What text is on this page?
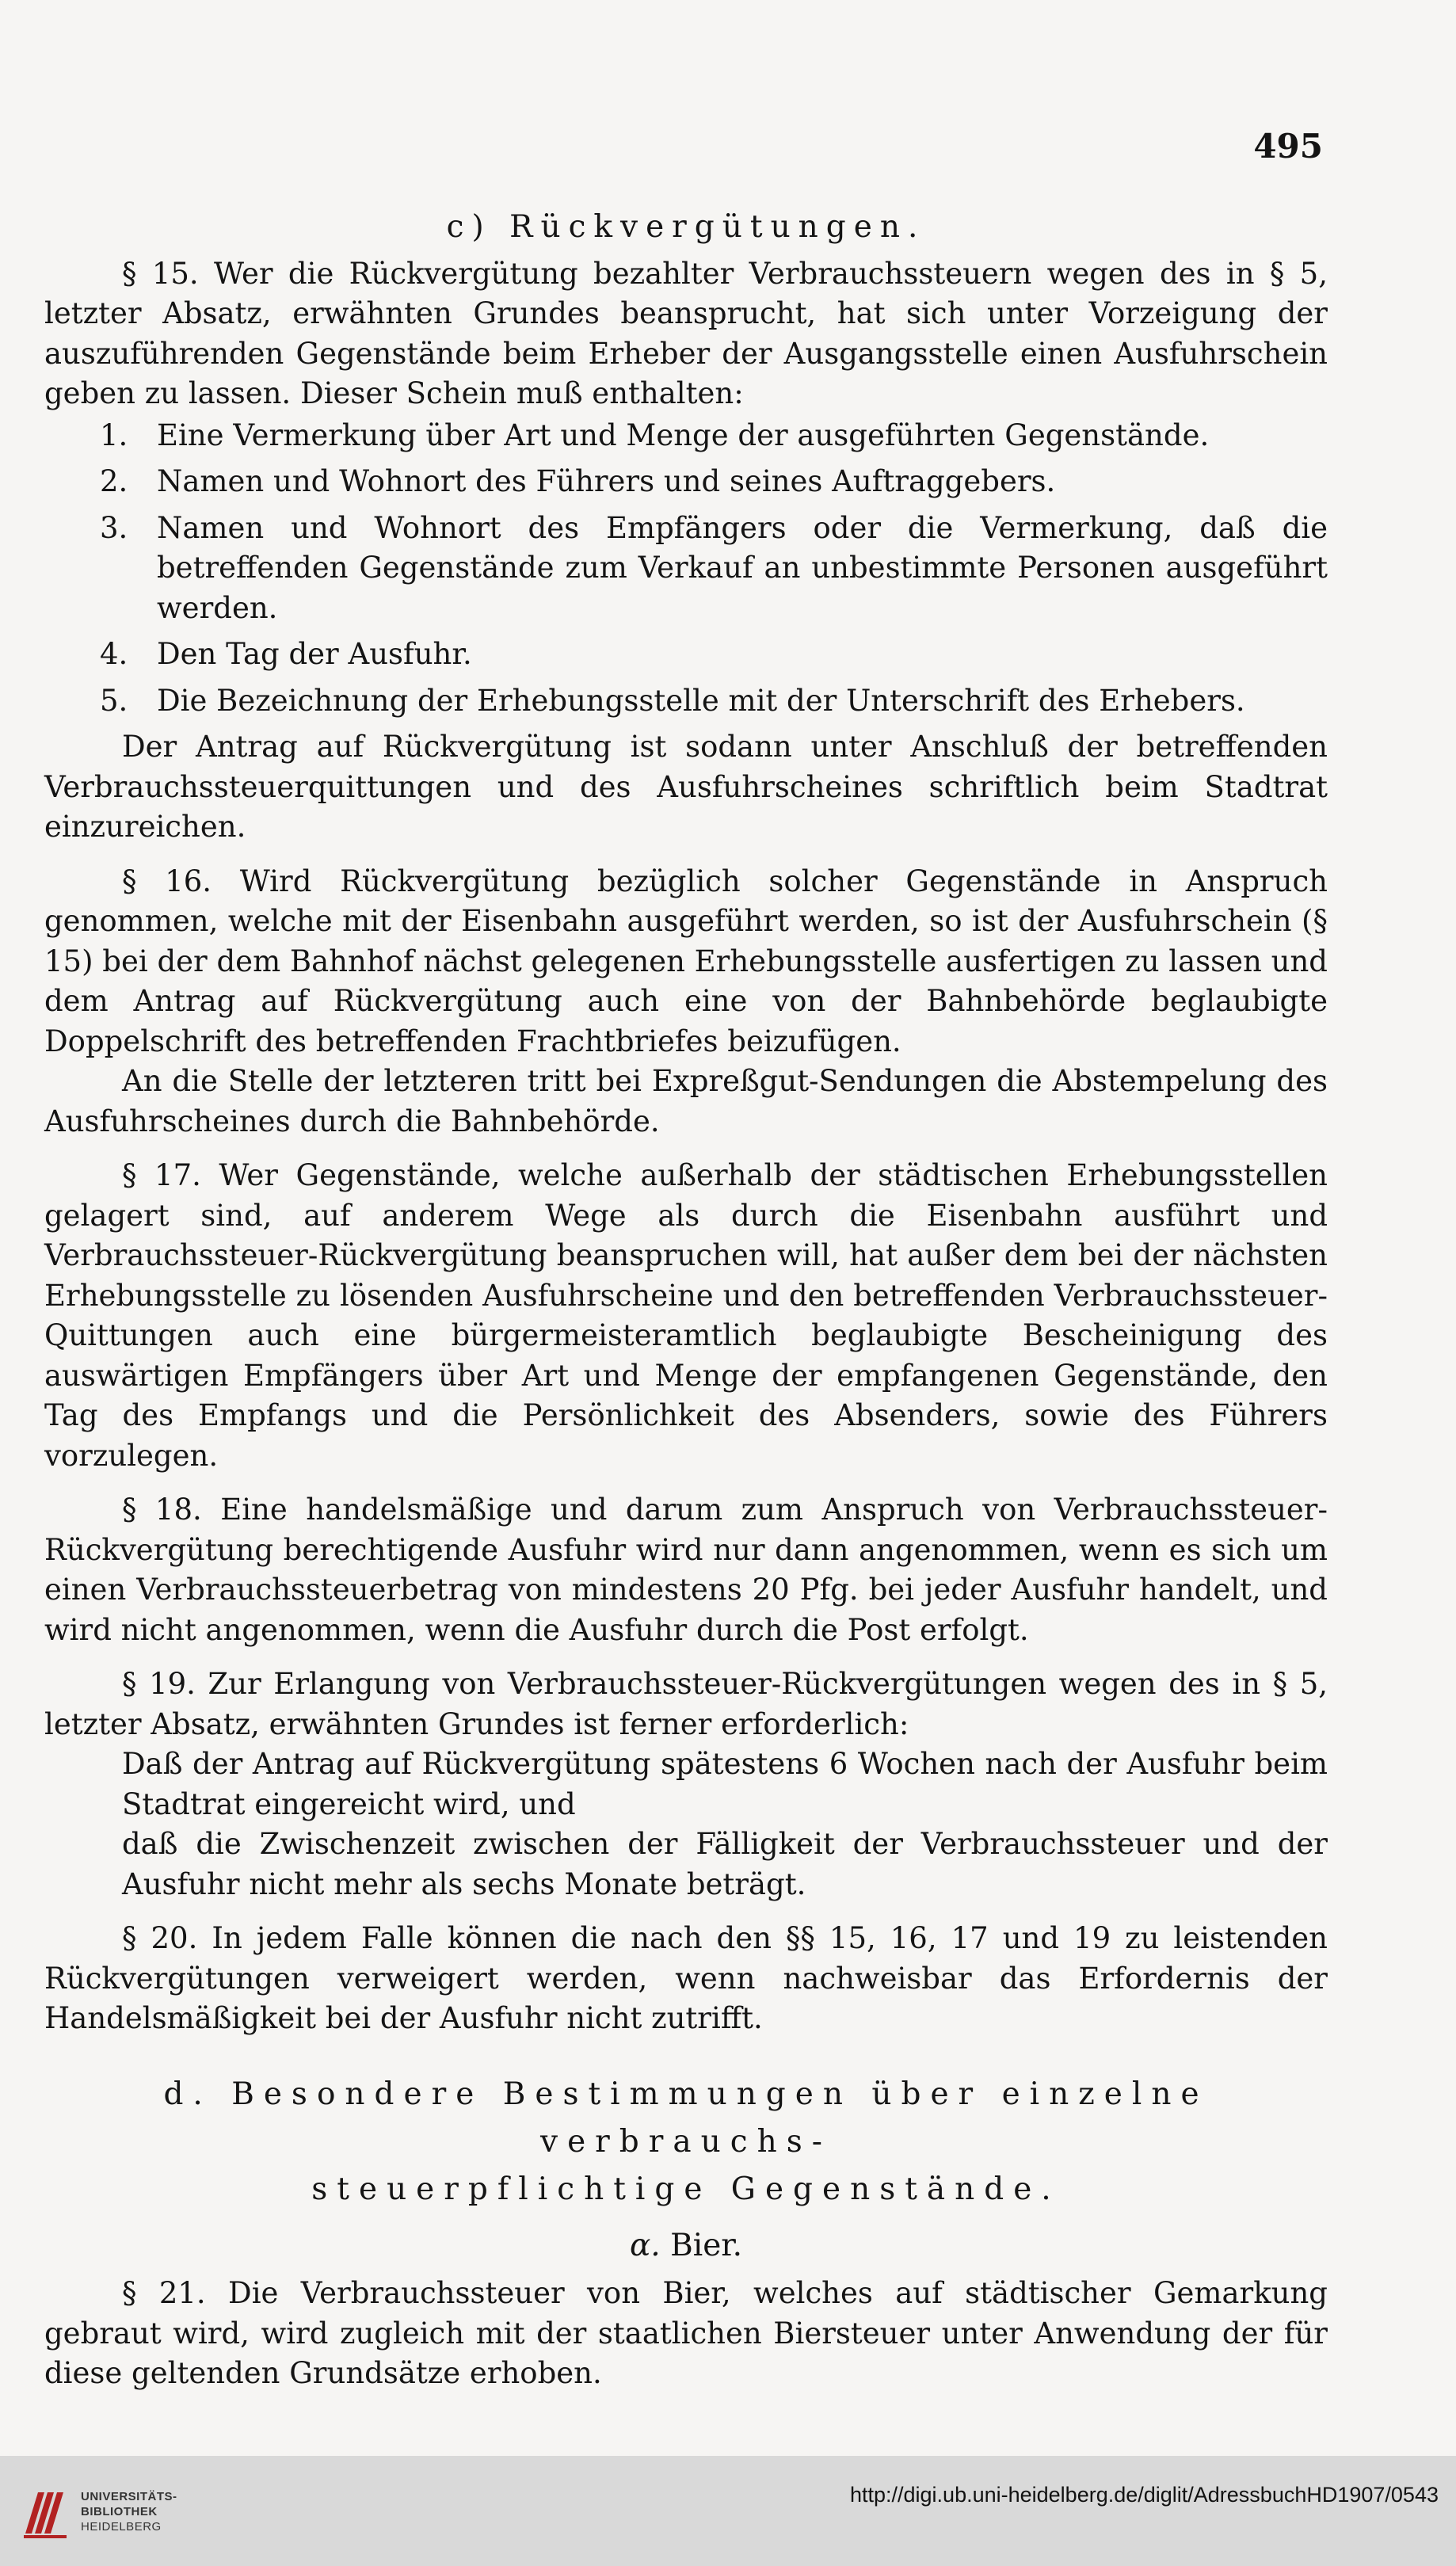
495

c) Rückvergütungen.

§ 15. Wer die Rückvergütung bezahlter Verbrauchssteuern wegen des in § 5, letzter Absatz, erwähnten Grundes beansprucht, hat sich unter Vorzeigung der auszuführenden Gegenstände beim Erheber der Ausgangsstelle einen Ausfuhrschein geben zu lassen. Dieser Schein muß enthalten:

1. Eine Vermerkung über Art und Menge der ausgeführten Gegenstände.
2. Namen und Wohnort des Führers und seines Auftraggebers.
3. Namen und Wohnort des Empfängers oder die Vermerkung, daß die betreffenden Gegenstände zum Verkauf an unbestimmte Personen ausgeführt werden.
4. Den Tag der Ausfuhr.
5. Die Bezeichnung der Erhebungsstelle mit der Unterschrift des Erhebers.

Der Antrag auf Rückvergütung ist sodann unter Anschluß der betreffenden Verbrauchssteuerquittungen und des Ausfuhrscheines schriftlich beim Stadtrat einzureichen.

§ 16. Wird Rückvergütung bezüglich solcher Gegenstände in Anspruch genommen, welche mit der Eisenbahn ausgeführt werden, so ist der Ausfuhrschein (§ 15) bei der dem Bahnhof nächst gelegenen Erhebungsstelle ausfertigen zu lassen und dem Antrag auf Rückvergütung auch eine von der Bahnbehörde beglaubigte Doppelschrift des betreffenden Frachtbriefes beizufügen.

An die Stelle der letzteren tritt bei Expreßgut-Sendungen die Abstempelung des Ausfuhrscheines durch die Bahnbehörde.

§ 17. Wer Gegenstände, welche außerhalb der städtischen Erhebungsstellen gelagert sind, auf anderem Wege als durch die Eisenbahn ausführt und Verbrauchssteuer-Rückvergütung beanspruchen will, hat außer dem bei der nächsten Erhebungsstelle zu lösenden Ausfuhrscheine und den betreffenden Verbrauchssteuer-Quittungen auch eine bürgermeisteramtlich beglaubigte Bescheinigung des auswärtigen Empfängers über Art und Menge der empfangenen Gegenstände, den Tag des Empfangs und die Persönlichkeit des Absenders, sowie des Führers vorzulegen.

§ 18. Eine handelsmäßige und darum zum Anspruch von Verbrauchssteuer-Rückvergütung berechtigende Ausfuhr wird nur dann angenommen, wenn es sich um einen Verbrauchssteuerbetrag von mindestens 20 Pfg. bei jeder Ausfuhr handelt, und wird nicht angenommen, wenn die Ausfuhr durch die Post erfolgt.

§ 19. Zur Erlangung von Verbrauchssteuer-Rückvergütungen wegen des in § 5, letzter Absatz, erwähnten Grundes ist ferner erforderlich:

Daß der Antrag auf Rückvergütung spätestens 6 Wochen nach der Ausfuhr beim Stadtrat eingereicht wird, und

daß die Zwischenzeit zwischen der Fälligkeit der Verbrauchssteuer und der Ausfuhr nicht mehr als sechs Monate beträgt.

§ 20. In jedem Falle können die nach den §§ 15, 16, 17 und 19 zu leistenden Rückvergütungen verweigert werden, wenn nachweisbar das Erfordernis der Handelsmäßigkeit bei der Ausfuhr nicht zutrifft.

d. Besondere Bestimmungen über einzelne verbrauchs-
steuerpflichtige Gegenstände.
α. Bier.

§ 21. Die Verbrauchssteuer von Bier, welches auf städtischer Gemarkung gebraut wird, wird zugleich mit der staatlichen Biersteuer unter Anwendung der für diese geltenden Grundsätze erhoben.

UNIVERSITÄTS-
BIBLIOTHEK
HEIDELBERG
http://digi.ub.uni-heidelberg.de/diglit/AdressbuchHD1907/0543
